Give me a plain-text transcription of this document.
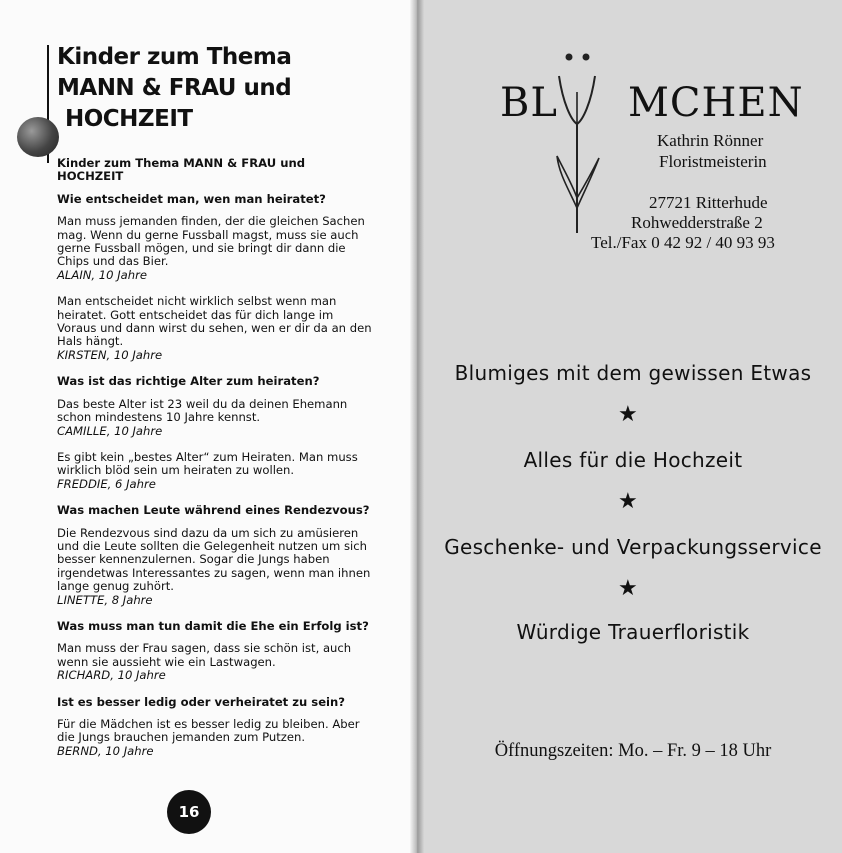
Kinder zum Thema
MANN & FRAU und
HOCHZEIT

Kinder zum Thema MANN & FRAU und HOCHZEIT

Wie entscheidet man, wen man heiratet?

Man muss jemanden finden, der die gleichen Sachen mag. Wenn du gerne Fussball magst, muss sie auch gerne Fussball mögen, und sie bringt dir dann die Chips und das Bier.
ALAIN, 10 Jahre

Man entscheidet nicht wirklich selbst wenn man heiratet. Gott entscheidet das für dich lange im Voraus und dann wirst du sehen, wen er dir da an den Hals hängt.
KIRSTEN, 10 Jahre

Was ist das richtige Alter zum heiraten?

Das beste Alter ist 23 weil du da deinen Ehemann schon mindestens 10 Jahre kennst.
CAMILLE, 10 Jahre

Es gibt kein „bestes Alter“ zum Heiraten. Man muss wirklich blöd sein um heiraten zu wollen.
FREDDIE, 6 Jahre

Was machen Leute während eines Rendezvous?

Die Rendezvous sind dazu da um sich zu amüsieren und die Leute sollten die Gelegenheit nutzen um sich besser kennenzulernen. Sogar die Jungs haben irgendetwas Interessantes zu sagen, wenn man ihnen lange genug zuhört.
LINETTE, 8 Jahre

Was muss man tun damit die Ehe ein Erfolg ist?

Man muss der Frau sagen, dass sie schön ist, auch wenn sie aussieht wie ein Lastwagen.
RICHARD, 10 Jahre

Ist es besser ledig oder verheiratet zu sein?

Für die Mädchen ist es besser ledig zu bleiben. Aber die Jungs brauchen jemanden zum Putzen.
BERND, 10 Jahre

16
BL MCHEN
Kathrin Rönner
Floristmeisterin
27721 Ritterhude
Rohwedderstraße 2
Tel./Fax 0 42 92 / 40 93 93
Blumiges mit dem gewissen Etwas
★
Alles für die Hochzeit
★
Geschenke- und Verpackungsservice
★
Würdige Trauerfloristik
Öffnungszeiten: Mo. – Fr. 9 – 18 Uhr
